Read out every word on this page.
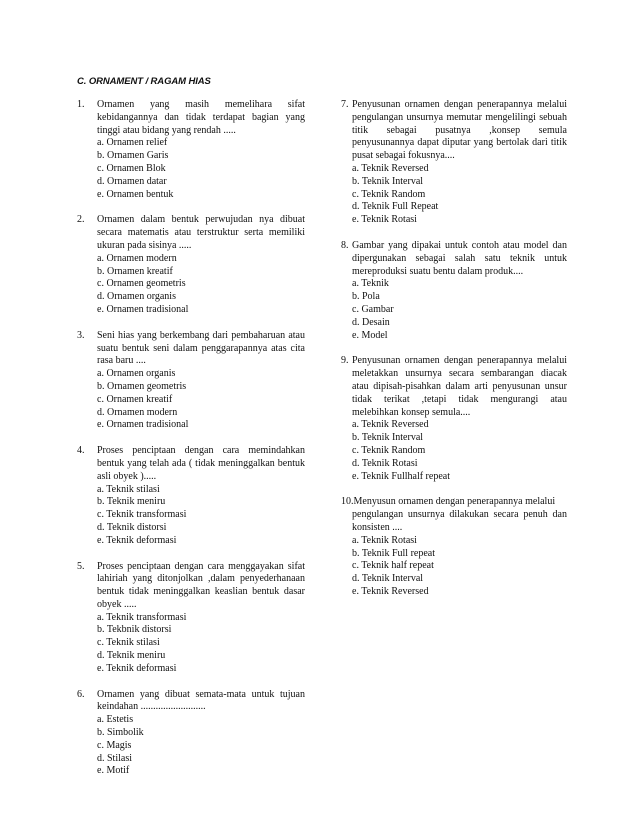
C. ORNAMENT / RAGAM HIAS
1. Ornamen yang masih memelihara sifat kebidangannya dan tidak terdapat bagian yang tinggi atau bidang yang rendah .....

a. Ornamen relief
b. Ornamen Garis
c. Ornamen Blok
d. Ornamen datar
e. Ornamen bentuk
2. Ornamen dalam bentuk perwujudan nya dibuat secara matematis atau terstruktur serta memiliki ukuran pada sisinya .....

a. Ornamen modern
b. Ornamen kreatif
c. Ornamen geometris
d. Ornamen organis
e. Ornamen tradisional
3. Seni hias yang berkembang dari pembaharuan atau suatu bentuk seni dalam penggarapannya atas cita rasa baru ....

a. Ornamen organis
b. Ornamen geometris
c. Ornamen kreatif
d. Ornamen modern
e. Ornamen tradisional
4. Proses penciptaan dengan cara memindahkan bentuk yang telah ada ( tidak meninggalkan bentuk asli obyek ).....

a. Teknik stilasi
b. Teknik meniru
c. Teknik transformasi
d. Teknik distorsi
e. Teknik deformasi
5. Proses penciptaan dengan cara menggayakan sifat lahiriah yang ditonjolkan ,dalam penyederhanaan bentuk tidak meninggalkan keaslian bentuk dasar obyek .....

a. Teknik transformasi
b. Tekbnik distorsi
c. Teknik stilasi
d. Teknik meniru
e. Teknik deformasi
6. Ornamen yang dibuat semata-mata untuk tujuan keindahan ..........................

a. Estetis
b. Simbolik
c. Magis
d. Stilasi
e. Motif
7. Penyusunan ornamen dengan penerapannya melalui pengulangan unsurnya memutar mengelilingi sebuah titik sebagai pusatnya ,konsep semula penyusunannya dapat diputar yang bertolak dari titik pusat sebagai fokusnya....

a. Teknik Reversed
b. Teknik Interval
c. Teknik Random
d. Teknik Full Repeat
e. Teknik Rotasi
8. Gambar yang dipakai untuk contoh atau model dan dipergunakan sebagai salah satu teknik untuk mereproduksi suatu bentu dalam produk....

a. Teknik
b. Pola
c. Gambar
d. Desain
e. Model
9. Penyusunan ornamen dengan penerapannya melalui meletakkan unsurnya secara sembarangan diacak atau dipisah-pisahkan dalam arti penyusunan unsur tidak terikat ,tetapi tidak mengurangi atau melebihkan konsep semula....

a. Teknik Reversed
b. Teknik Interval
c. Teknik Random
d. Teknik Rotasi
e. Teknik Fullhalf repeat

10.Menyusun ornamen dengan penerapannya melalui

pengulangan unsurnya dilakukan secara penuh dan konsisten ....

a. Teknik Rotasi
b. Teknik Full repeat
c. Teknik half repeat
d. Teknik Interval
e. Teknik Reversed
